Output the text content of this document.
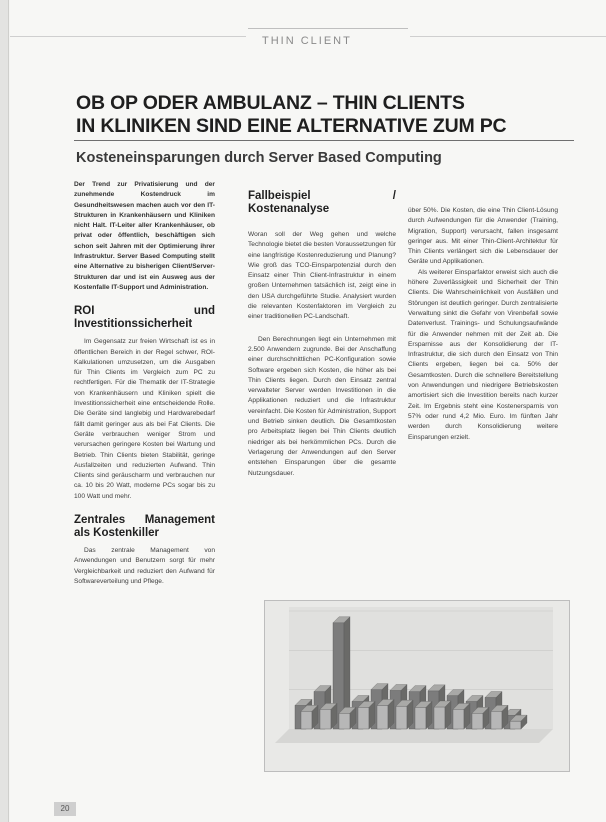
THIN CLIENT
OB OP ODER AMBULANZ – THIN CLIENTS
IN KLINIKEN SIND EINE ALTERNATIVE ZUM PC
Kosteneinsparungen durch Server Based Computing

Der Trend zur Privatisierung und der zunehmende Kostendruck im Gesundheitswesen machen auch vor den IT-Strukturen in Krankenhäusern und Kliniken nicht Halt. IT-Leiter aller Krankenhäuser, ob privat oder öffentlich, beschäftigen sich schon seit Jahren mit der Optimierung ihrer Infrastruktur. Server Based Computing stellt eine Alternative zu bisherigen Client/Server-Strukturen dar und ist ein Ausweg aus der Kostenfalle IT-Support und Administration.

ROI und Investitionssicherheit

Im Gegensatz zur freien Wirtschaft ist es in öffentlichen Bereich in der Regel schwer, ROI-Kalkulationen umzusetzen, um die Ausgaben für Thin Clients im Vergleich zum PC zu rechtfertigen. Für die Thematik der IT-Strategie von Krankenhäusern und Kliniken spielt die Investitionssicherheit eine entscheidende Rolle. Die Geräte sind langlebig und Hardwarebedarf fällt damit geringer aus als bei Fat Clients. Die Geräte verbrauchen weniger Strom und verursachen geringere Kosten bei Wartung und Betrieb. Thin Clients bieten Stabilität, geringe Ausfallzeiten und reduzierten Aufwand. Thin Clients sind geräuscharm und verbrauchen nur ca. 10 bis 20 Watt, moderne PCs sogar bis zu 100 Watt und mehr.

Zentrales Management als Kostenkiller

Das zentrale Management von Anwendungen und Benutzern sorgt für mehr Vergleichbarkeit und reduziert den Aufwand für Softwareverteilung und Pflege.

Fallbeispiel / Kostenanalyse

Woran soll der Weg gehen und welche Technologie bietet die besten Voraussetzungen für eine langfristige Kostenreduzierung und Planung? Wie groß das TCO-Einsparpotenzial durch den Einsatz einer Thin Client-Infrastruktur in einem großen Unternehmen tatsächlich ist, zeigt eine in den USA durchgeführte Studie. Analysiert wurden die relevanten Kostenfaktoren im Vergleich zu einer traditionellen PC-Landschaft.

Den Berechnungen liegt ein Unternehmen mit 2.500 Anwendern zugrunde. Bei der Anschaffung einer durchschnittlichen PC-Konfiguration sowie Software ergeben sich Kosten, die höher als bei Thin Clients liegen. Durch den Einsatz zentral verwalteter Server werden Investitionen in die Applikationen reduziert und die Infrastruktur vereinfacht. Die Kosten für Administration, Support und Betrieb sinken deutlich. Die Gesamtkosten pro Arbeitsplatz liegen bei Thin Clients deutlich niedriger als bei herkömmlichen PCs. Durch die Verlagerung der Anwendungen auf den Server entstehen Einsparungen über die gesamte Nutzungsdauer.

über 50%. Die Kosten, die eine Thin Client-Lösung durch Aufwendungen für die Anwender (Training, Migration, Support) verursacht, fallen insgesamt geringer aus. Mit einer Thin-Client-Architektur für Thin Clients verlängert sich die Lebensdauer der Geräte und Applikationen.

Als weiterer Einsparfaktor erweist sich auch die höhere Zuverlässigkeit und Sicherheit der Thin Clients. Die Wahrscheinlichkeit von Ausfällen und Störungen ist deutlich geringer. Durch zentralisierte Verwaltung sinkt die Gefahr von Virenbefall sowie Datenverlust. Trainings- und Schulungsaufwände für die Anwender nehmen mit der Zeit ab. Die Ersparnisse aus der Konsolidierung der IT-Infrastruktur, die sich durch den Einsatz von Thin Clients ergeben, liegen bei ca. 50% der Gesamtkosten. Durch die schnellere Bereitstellung von Anwendungen und niedrigere Betriebskosten amortisiert sich die Investition bereits nach kurzer Zeit. Im Ergebnis steht eine Kostenersparnis von 57% oder rund 4,2 Mio. Euro. Im fünften Jahr werden durch Konsolidierung weitere Einsparungen erzielt.

20
